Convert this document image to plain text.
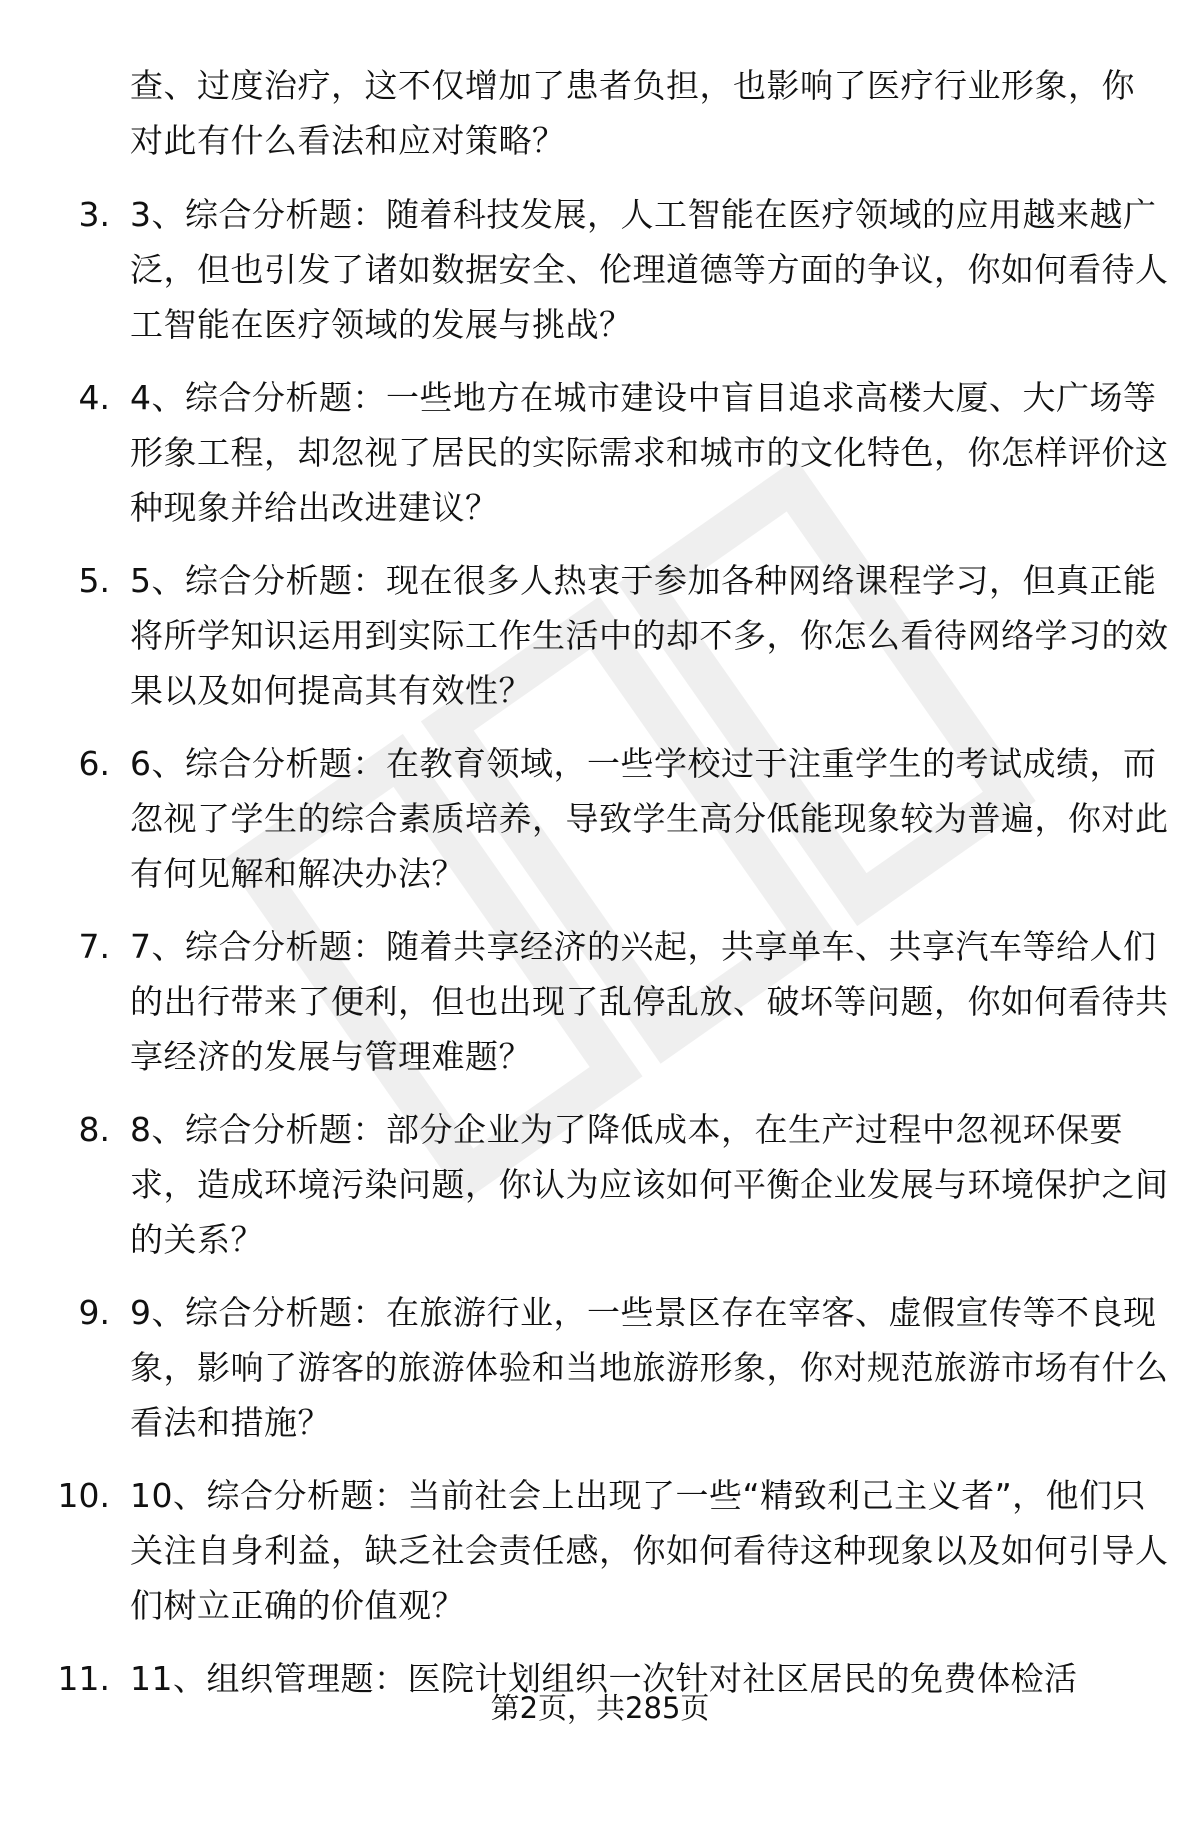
查、过度治疗，这不仅增加了患者负担，也影响了医疗行业形象，你对此有什么看法和应对策略？
3. 3、综合分析题：随着科技发展，人工智能在医疗领域的应用越来越广泛，但也引发了诸如数据安全、伦理道德等方面的争议，你如何看待人工智能在医疗领域的发展与挑战？
4. 4、综合分析题：一些地方在城市建设中盲目追求高楼大厦、大广场等形象工程，却忽视了居民的实际需求和城市的文化特色，你怎样评价这种现象并给出改进建议？
5. 5、综合分析题：现在很多人热衷于参加各种网络课程学习，但真正能将所学知识运用到实际工作生活中的却不多，你怎么看待网络学习的效果以及如何提高其有效性？
6. 6、综合分析题：在教育领域，一些学校过于注重学生的考试成绩，而忽视了学生的综合素质培养，导致学生高分低能现象较为普遍，你对此有何见解和解决办法？
7. 7、综合分析题：随着共享经济的兴起，共享单车、共享汽车等给人们的出行带来了便利，但也出现了乱停乱放、破坏等问题，你如何看待共享经济的发展与管理难题？
8. 8、综合分析题：部分企业为了降低成本，在生产过程中忽视环保要求，造成环境污染问题，你认为应该如何平衡企业发展与环境保护之间的关系？
9. 9、综合分析题：在旅游行业，一些景区存在宰客、虚假宣传等不良现象，影响了游客的旅游体验和当地旅游形象，你对规范旅游市场有什么看法和措施？
10. 10、综合分析题：当前社会上出现了一些“精致利己主义者”，他们只关注自身利益，缺乏社会责任感，你如何看待这种现象以及如何引导人们树立正确的价值观？
11. 11、组织管理题：医院计划组织一次针对社区居民的免费体检活
第2页，共285页
